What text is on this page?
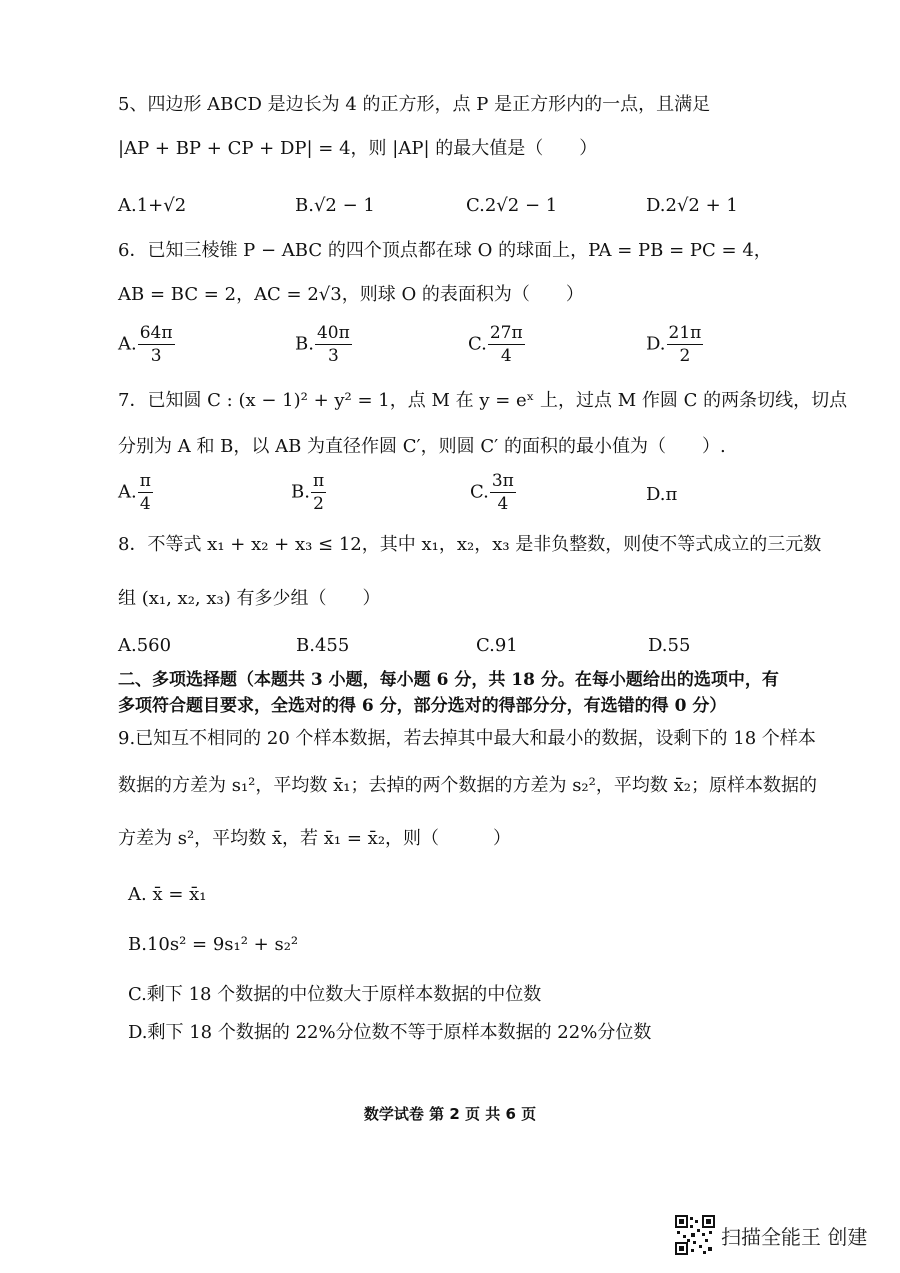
5、四边形 ABCD 是边长为 4 的正方形，点 P 是正方形内的一点，且满足
|AP + BP + CP + DP| = 4，则 |AP| 的最大值是（　　）
A.1+√2	B.√2 − 1	C.2√2 − 1	D.2√2 + 1
6．已知三棱锥 P − ABC 的四个顶点都在球 O 的球面上，PA = PB = PC = 4，
AB = BC = 2，AC = 2√3，则球 O 的表面积为（　　）
A. $\frac{64\pi}{3}$	B. $\frac{40\pi}{3}$	C. $\frac{27\pi}{4}$	D. $\frac{21\pi}{2}$
7．已知圆 C : (x − 1)² + y² = 1，点 M 在 y = eˣ 上，过点 M 作圆 C 的两条切线，切点
分别为 A 和 B，以 AB 为直径作圆 C′，则圆 C′ 的面积的最小值为（　　）.
A. $\frac{\pi}{4}$	B. $\frac{\pi}{2}$	C. $\frac{3\pi}{4}$	D.π
8．不等式 x₁ + x₂ + x₃ ≤ 12，其中 x₁，x₂，x₃ 是非负整数，则使不等式成立的三元数
组 (x₁, x₂, x₃) 有多少组（　　）
A.560	B.455	C.91	D.55
二、多项选择题（本题共 3 小题，每小题 6 分，共 18 分。在每小题给出的选项中，有
多项符合题目要求，全选对的得 6 分，部分选对的得部分分，有选错的得 0 分）
9.已知互不相同的 20 个样本数据，若去掉其中最大和最小的数据，设剩下的 18 个样本
数据的方差为 s₁²，平均数 x̄₁；去掉的两个数据的方差为 s₂²，平均数 x̄₂；原样本数据的
方差为 s²，平均数 x̄，若 x̄₁ = x̄₂，则（　　　）
A. x̄ = x̄₁
B.10s² = 9s₁² + s₂²
C.剩下 18 个数据的中位数大于原样本数据的中位数
D.剩下 18 个数据的 22%分位数不等于原样本数据的 22%分位数
数学试卷 第 2 页 共 6 页
扫描全能王 创建
